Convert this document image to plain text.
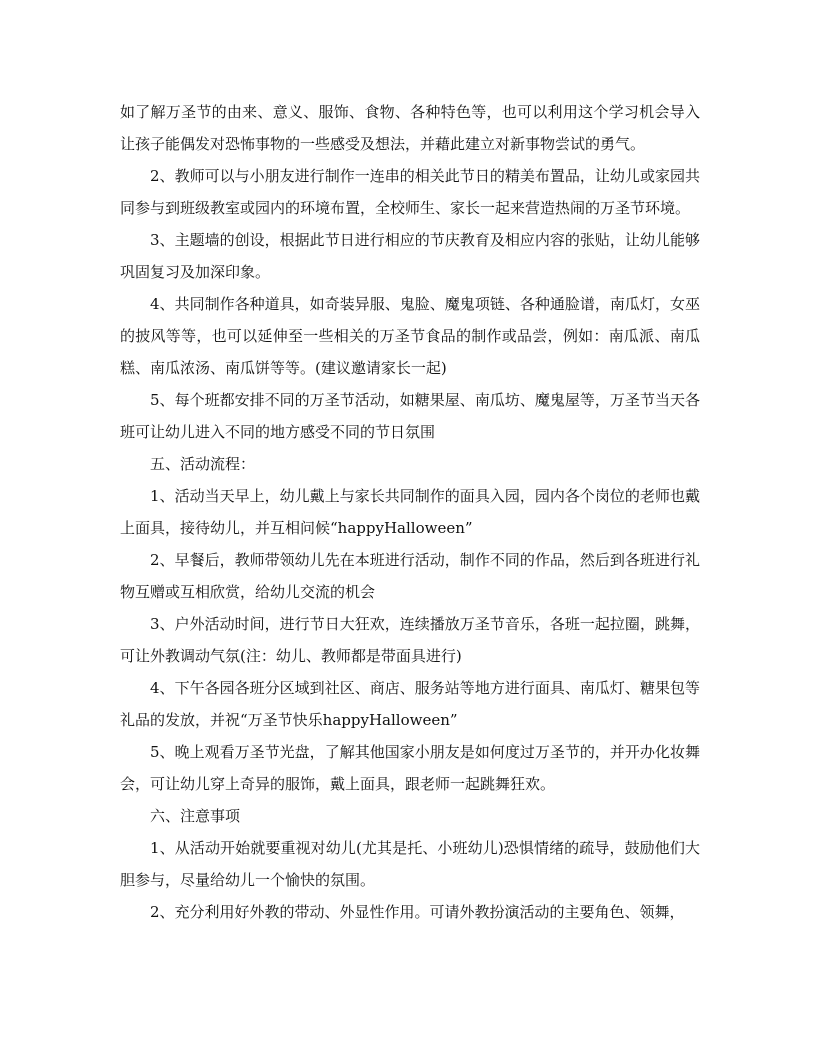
如了解万圣节的由来、意义、服饰、食物、各种特色等，也可以利用这个学习机会导入让孩子能偶发对恐怖事物的一些感受及想法，并藉此建立对新事物尝试的勇气。

2、教师可以与小朋友进行制作一连串的相关此节日的精美布置品，让幼儿或家园共同参与到班级教室或园内的环境布置，全校师生、家长一起来营造热闹的万圣节环境。

3、主题墙的创设，根据此节日进行相应的节庆教育及相应内容的张贴，让幼儿能够巩固复习及加深印象。

4、共同制作各种道具，如奇装异服、鬼脸、魔鬼项链、各种通脸谱，南瓜灯，女巫的披风等等，也可以延伸至一些相关的万圣节食品的制作或品尝，例如：南瓜派、南瓜糕、南瓜浓汤、南瓜饼等等。(建议邀请家长一起)

5、每个班都安排不同的万圣节活动，如糖果屋、南瓜坊、魔鬼屋等，万圣节当天各班可让幼儿进入不同的地方感受不同的节日氛围

五、活动流程：

1、活动当天早上，幼儿戴上与家长共同制作的面具入园，园内各个岗位的老师也戴上面具，接待幼儿，并互相问候“happyHalloween”

2、早餐后，教师带领幼儿先在本班进行活动，制作不同的作品，然后到各班进行礼物互赠或互相欣赏，给幼儿交流的机会

3、户外活动时间，进行节日大狂欢，连续播放万圣节音乐，各班一起拉圈，跳舞，可让外教调动气氛(注：幼儿、教师都是带面具进行)

4、下午各园各班分区域到社区、商店、服务站等地方进行面具、南瓜灯、糖果包等礼品的发放，并祝“万圣节快乐happyHalloween”

5、晚上观看万圣节光盘，了解其他国家小朋友是如何度过万圣节的，并开办化妆舞会，可让幼儿穿上奇异的服饰，戴上面具，跟老师一起跳舞狂欢。

六、注意事项

1、从活动开始就要重视对幼儿(尤其是托、小班幼儿)恐惧情绪的疏导，鼓励他们大胆参与，尽量给幼儿一个愉快的氛围。

2、充分利用好外教的带动、外显性作用。可请外教扮演活动的主要角色、领舞，
